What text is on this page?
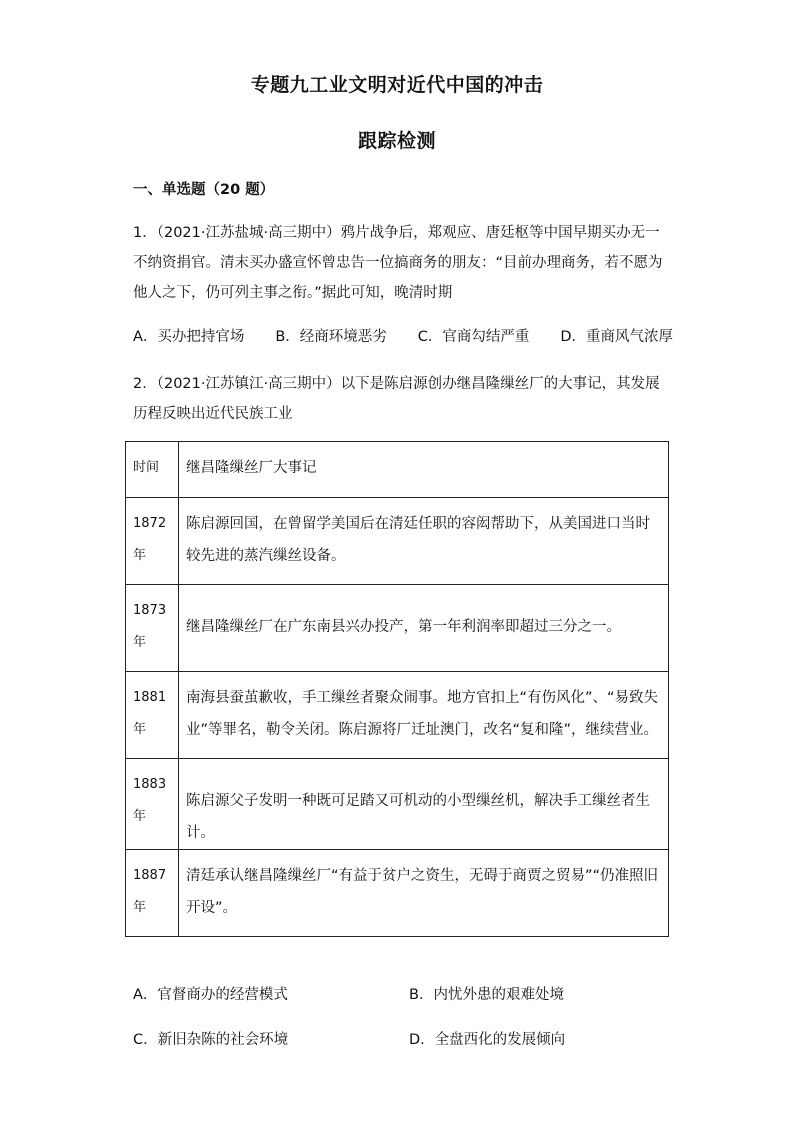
专题九工业文明对近代中国的冲击
跟踪检测
一、单选题（20 题）
1．（2021·江苏盐城·高三期中）鸦片战争后，郑观应、唐廷枢等中国早期买办无一不纳资捐官。清末买办盛宣怀曾忠告一位搞商务的朋友：“目前办理商务，若不愿为他人之下，仍可列主事之衔。”据此可知，晚清时期
A．买办把持官场 B．经商环境恶劣 C．官商勾结严重 D．重商风气浓厚
2．（2021·江苏镇江·高三期中）以下是陈启源创办继昌隆缫丝厂的大事记，其发展历程反映出近代民族工业
时间	继昌隆缫丝厂大事记

1872年	陈启源回国，在曾留学美国后在清廷任职的容闳帮助下，从美国进口当时较先进的蒸汽缫丝设备。

1873年	继昌隆缫丝厂在广东南县兴办投产，第一年利润率即超过三分之一。

1881年	南海县蚕茧歉收，手工缫丝者聚众闹事。地方官扣上“有伤风化”、“易致失业”等罪名，勒令关闭。陈启源将厂迁址澳门，改名“复和隆”，继续营业。

1883年	陈启源父子发明一种既可足踏又可机动的小型缫丝机，解决手工缫丝者生计。

1887年	清廷承认继昌隆缫丝厂“有益于贫户之资生，无碍于商贾之贸易”“仍准照旧开设”。
A．官督商办的经营模式	B．内忧外患的艰难处境
C．新旧杂陈的社会环境	D．全盘西化的发展倾向
